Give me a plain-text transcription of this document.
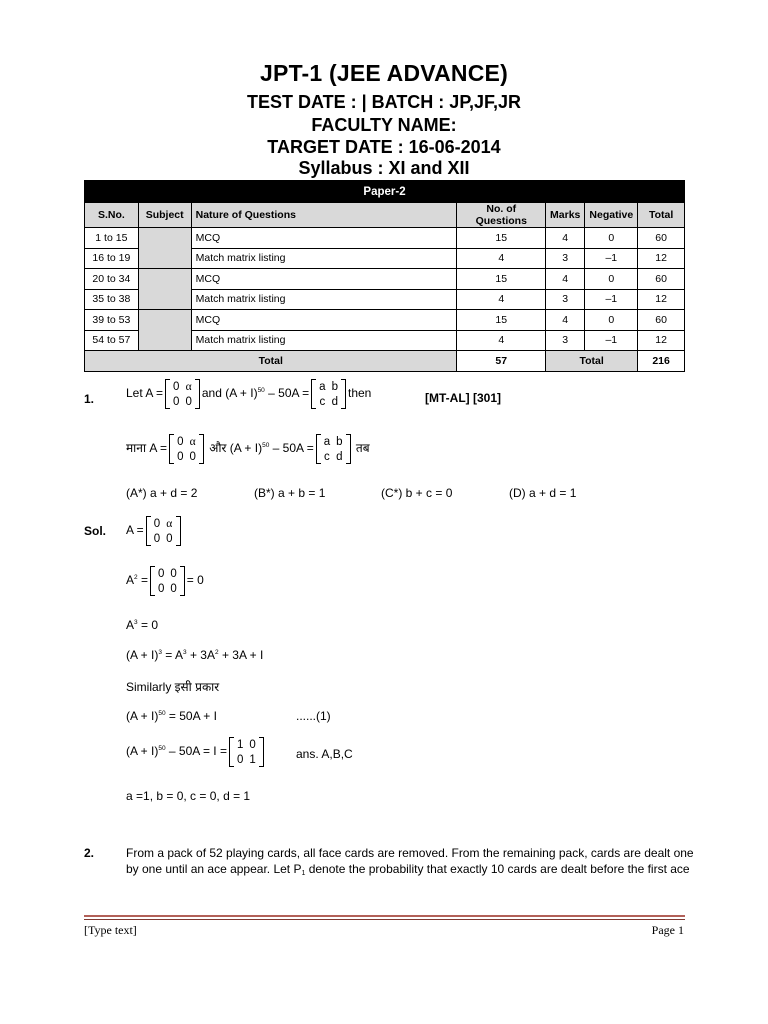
JPT-1 (JEE ADVANCE)
TEST DATE : | BATCH : JP,JF,JR
FACULTY NAME:
TARGET DATE : 16-06-2014
Syllabus : XI and XII
Paper-2						
S.No.	Subject	Nature of Questions	No. of Questions	Marks	Negative	Total
1 to 15		MCQ	15	4	0	60
16 to 19		Match matrix listing	4	3	–1	12
20 to 34		MCQ	15	4	0	60
35 to 38		Match matrix listing	4	3	–1	12
39 to 53		MCQ	15	4	0	60
54 to 57		Match matrix listing	4	3	–1	12
Total			57	Total		216
1.	Let A = 0	α
0	0
and $(A + I)^{50} - 50A = a$	b
c	d
then	[MT-AL] [301]
माना A = 0	α
0	0
और $(A + I)^{50} - 50A = a$	b
c	d
तब
(A*) a + d = 2	(B*) a + b = 1	(C*) b + c = 0	(D) a + d = 1
Sol. A = 0	α
0	0
$A^2 = 0$	0
0	0
= 0
$A^3 = 0$
$(A + I)^3 = A^3 + 3A^2 + 3A + I$
Similarly इसी प्रकार
$(A + I)^{50} = 50A + I$	......(1)
$(A + I)^{50} - 50A = I = 1$	0
0	1	ans. A,B,C
a =1, b = 0, c = 0, d = 1
2.	From a pack of 52 playing cards, all face cards are removed. From the remaining pack, cards are dealt one
by one until an ace appear. Let $P_1$ denote the probability that exactly 10 cards are dealt before the first ace
[Type text]	Page 1
